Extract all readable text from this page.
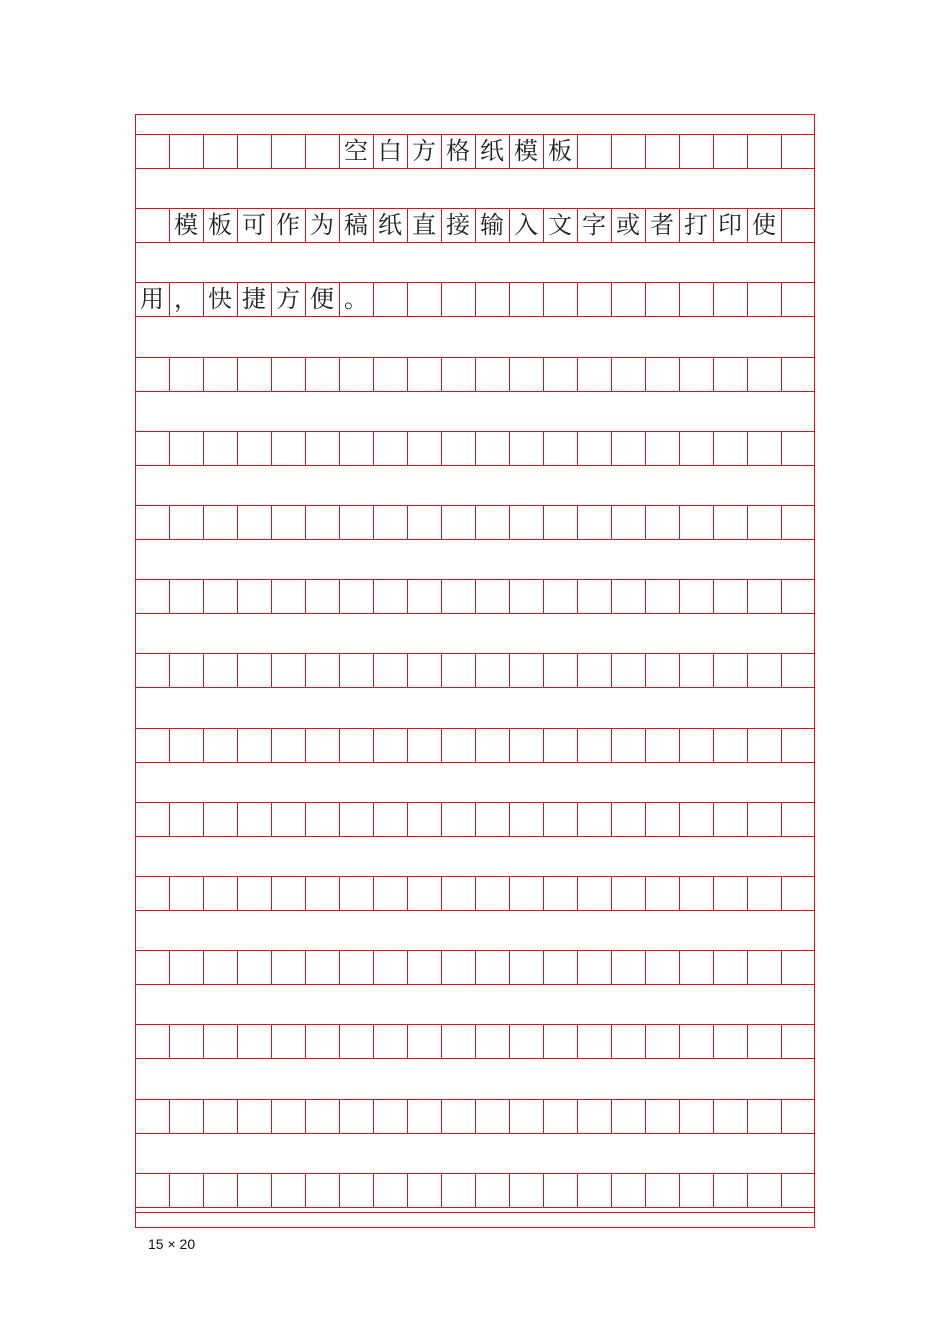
空 白 方 格 纸 模 板
模 板 可 作 为 稿 纸 直 接 输 入 文 字 或 者 打 印 使
用 ， 快 捷 方 便 。
15 × 20
